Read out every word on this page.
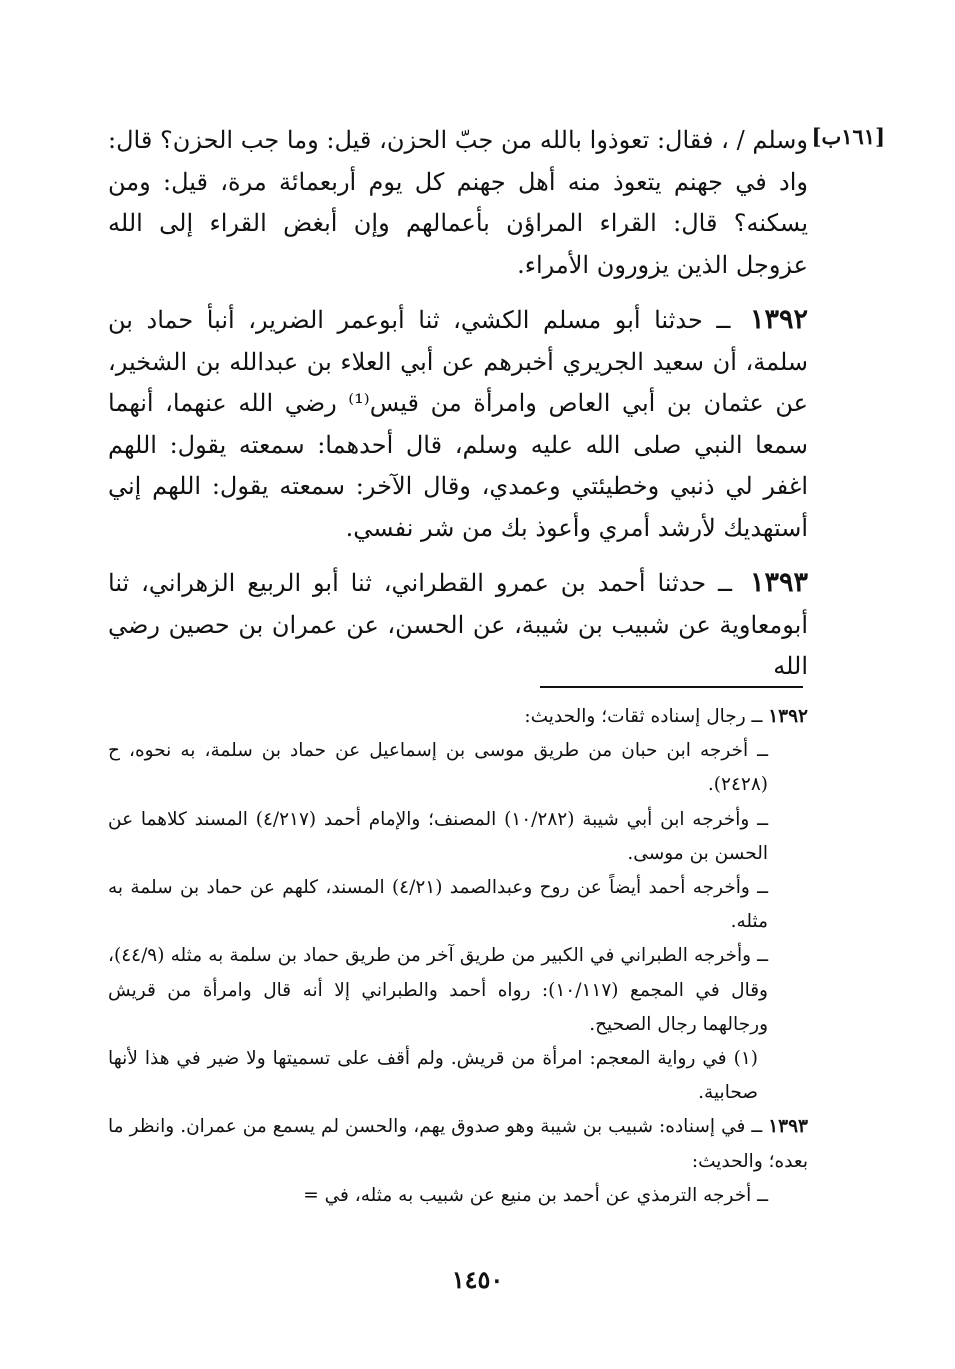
[١٦١ب]

وسلم / ، فقال: تعوذوا بالله من جبّ الحزن، قيل: وما جب الحزن؟ قال: واد في جهنم يتعوذ منه أهل جهنم كل يوم أربعمائة مرة، قيل: ومن يسكنه؟ قال: القراء المراؤن بأعمالهم وإن أبغض القراء إلى الله عزوجل الذين يزورون الأمراء.

١٣٩٢ ــ حدثنا أبو مسلم الكشي، ثنا أبوعمر الضرير، أنبأ حماد بن سلمة، أن سعيد الجريري أخبرهم عن أبي العلاء بن عبدالله بن الشخير، عن عثمان بن أبي العاص وامرأة من قيس⁽¹⁾ رضي الله عنهما، أنهما سمعا النبي صلى الله عليه وسلم، قال أحدهما: سمعته يقول: اللهم اغفر لي ذنبي وخطيئتي وعمدي، وقال الآخر: سمعته يقول: اللهم إني أستهديك لأرشد أمري وأعوذ بك من شر نفسي.

١٣٩٣ ــ حدثنا أحمد بن عمرو القطراني، ثنا أبو الربيع الزهراني، ثنا أبومعاوية عن شبيب بن شيبة، عن الحسن، عن عمران بن حصين رضي الله

١٣٩٢ ــ رجال إسناده ثقات؛ والحديث:

ــ أخرجه ابن حبان من طريق موسى بن إسماعيل عن حماد بن سلمة، به نحوه، ح (٢٤٢٨).

ــ وأخرجه ابن أبي شيبة (١٠/٢٨٢) المصنف؛ والإمام أحمد (٤/٢١٧) المسند كلاهما عن الحسن بن موسى.

ــ وأخرجه أحمد أيضاً عن روح وعبدالصمد (٤/٢١) المسند، كلهم عن حماد بن سلمة به مثله.

ــ وأخرجه الطبراني في الكبير من طريق آخر من طريق حماد بن سلمة به مثله (٤٤/٩)، وقال في المجمع (١٠/١١٧): رواه أحمد والطبراني إلا أنه قال وامرأة من قريش ورجالهما رجال الصحيح.

(١) في رواية المعجم: امرأة من قريش. ولم أقف على تسميتها ولا ضير في هذا لأنها صحابية.

١٣٩٣ ــ في إسناده: شبيب بن شيبة وهو صدوق يهم، والحسن لم يسمع من عمران. وانظر ما بعده؛ والحديث:

ــ أخرجه الترمذي عن أحمد بن منيع عن شبيب به مثله، في =

١٤٥٠
